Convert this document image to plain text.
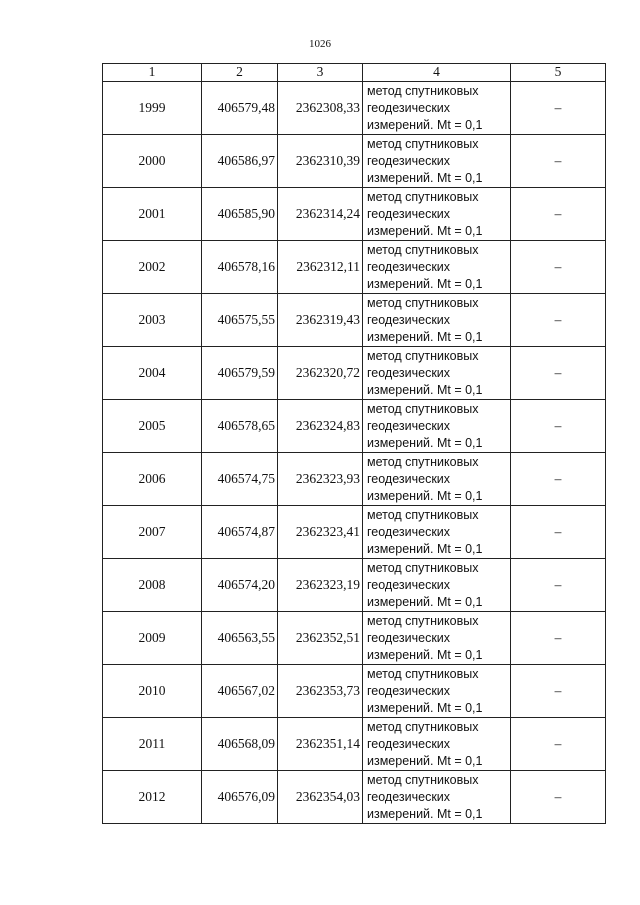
1026
1	2	3	4	5
1999	406579,48	2362308,33	метод спутниковых
геодезических
измерений. Mt = 0,1	–
2000	406586,97	2362310,39	метод спутниковых
геодезических
измерений. Mt = 0,1	–
2001	406585,90	2362314,24	метод спутниковых
геодезических
измерений. Mt = 0,1	–
2002	406578,16	2362312,11	метод спутниковых
геодезических
измерений. Mt = 0,1	–
2003	406575,55	2362319,43	метод спутниковых
геодезических
измерений. Mt = 0,1	–
2004	406579,59	2362320,72	метод спутниковых
геодезических
измерений. Mt = 0,1	–
2005	406578,65	2362324,83	метод спутниковых
геодезических
измерений. Mt = 0,1	–
2006	406574,75	2362323,93	метод спутниковых
геодезических
измерений. Mt = 0,1	–
2007	406574,87	2362323,41	метод спутниковых
геодезических
измерений. Mt = 0,1	–
2008	406574,20	2362323,19	метод спутниковых
геодезических
измерений. Mt = 0,1	–
2009	406563,55	2362352,51	метод спутниковых
геодезических
измерений. Mt = 0,1	–
2010	406567,02	2362353,73	метод спутниковых
геодезических
измерений. Mt = 0,1	–
2011	406568,09	2362351,14	метод спутниковых
геодезических
измерений. Mt = 0,1	–
2012	406576,09	2362354,03	метод спутниковых
геодезических
измерений. Mt = 0,1	–
